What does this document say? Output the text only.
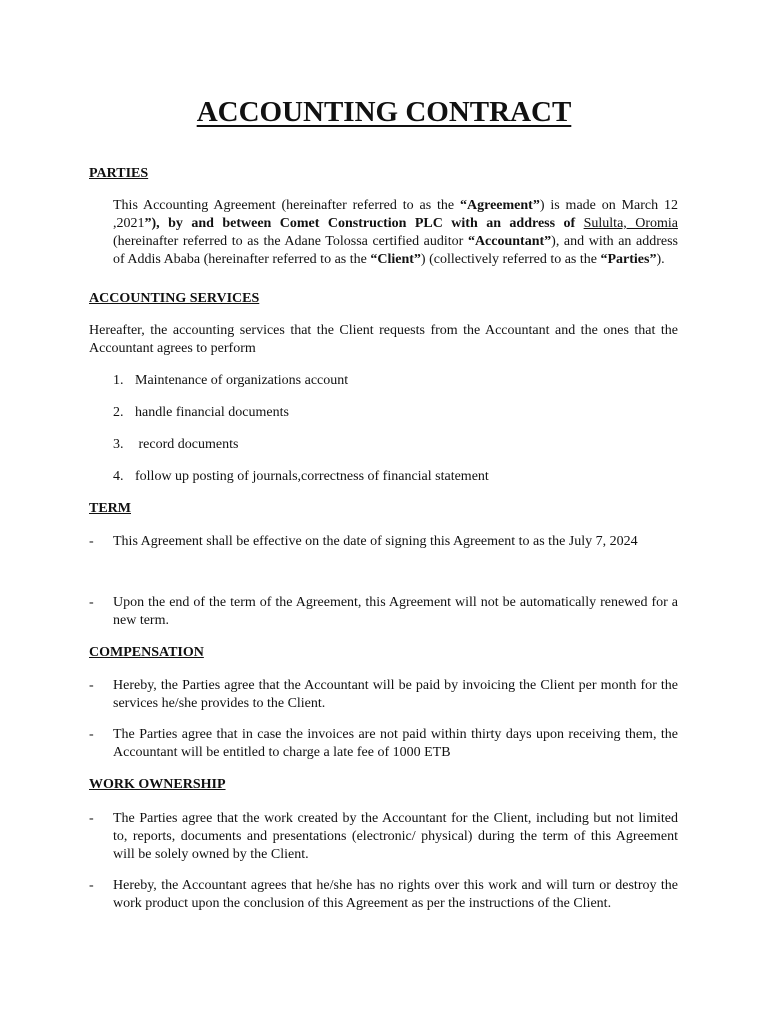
ACCOUNTING CONTRACT
PARTIES

This Accounting Agreement (hereinafter referred to as the “Agreement”) is made on March 12 ,2021”), by and between Comet Construction PLC with an address of Sululta, Oromia (hereinafter referred to as the Adane Tolossa certified auditor “Accountant”), and with an address of Addis Ababa (hereinafter referred to as the “Client”) (collectively referred to as the “Parties”).

ACCOUNTING SERVICES

Hereafter, the accounting services that the Client requests from the Accountant and the ones that the Accountant agrees to perform

1. Maintenance of organizations account

2. handle financial documents

3. record documents

4. follow up posting of journals,correctness of financial statement

TERM
- This Agreement shall be effective on the date of signing this Agreement to as the July 7, 2024
- Upon the end of the term of the Agreement, this Agreement will not be automatically renewed for a new term.
COMPENSATION
- Hereby, the Parties agree that the Accountant will be paid by invoicing the Client per month for the services he/she provides to the Client.
- The Parties agree that in case the invoices are not paid within thirty days upon receiving them, the Accountant will be entitled to charge a late fee of 1000 ETB
WORK OWNERSHIP
- The Parties agree that the work created by the Accountant for the Client, including but not limited to, reports, documents and presentations (electronic/ physical) during the term of this Agreement will be solely owned by the Client.
- Hereby, the Accountant agrees that he/she has no rights over this work and will turn or destroy the work product upon the conclusion of this Agreement as per the instructions of the Client.
